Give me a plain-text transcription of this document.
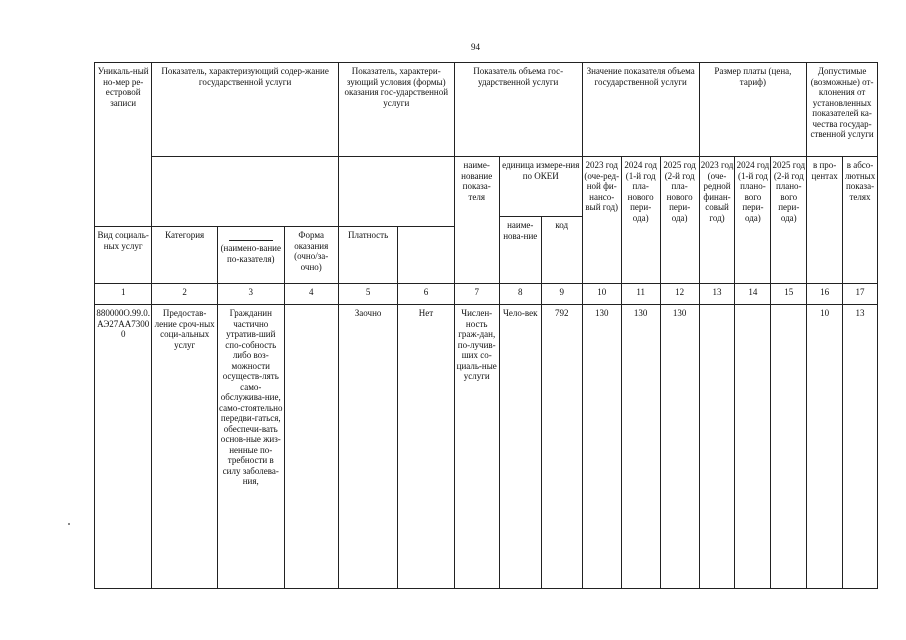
94
Уникаль-ный но-мер ре-естровой записи	Показатель, характеризующий содер-жание государственной услуги			Показатель, характери-зующий условия (формы) оказания гос-ударственной услуги		Показатель объема гос-ударственной услуги			Значение показателя объема государственной услуги			Размер платы (цена, тариф)			Допустимые (возможные) от-клонения от установленных показателей ка-чества государ-ственной услуги	
						наиме-нование показа-теля	единица измере-ния по ОКЕИ		2023 год (оче-ред-ной фи-нансо-вый год)	2024 год (1-й год пла-нового пери-ода)	2025 год (2-й год пла-нового пери-ода)	2023 год (оче-редной финан-совый год)	2024 год (1-й год плано-вого пери-ода)	2025 год (2-й год плано-вого пери-ода)	в про-центах	в абсо-лютных показа-телях
							наиме-нова-ние	код								
Вид социаль-ных услуг	Категория	(наимено-вание по-казателя)	Форма оказания (очно/за-очно)	Платность												
1	2	3	4	5	6	7	8	9	10	11	12	13	14	15	16	17
880000О.99.0.АЭ27АА73000	Предостав-ление сроч-ных соци-альных услуг	Гражданин частично утратив-ший спо-собность либо воз-можности осуществ-лять само-обслужива-ние, само-стоятельно передви-гаться, обеспечи-вать основ-ные жиз-ненные по-требности в силу заболева-ния,		Заочно	Нет	Числен-ность граж-дан, по-лучив-ших со-циаль-ные услуги	Чело-век	792	130	130	130				10	13
